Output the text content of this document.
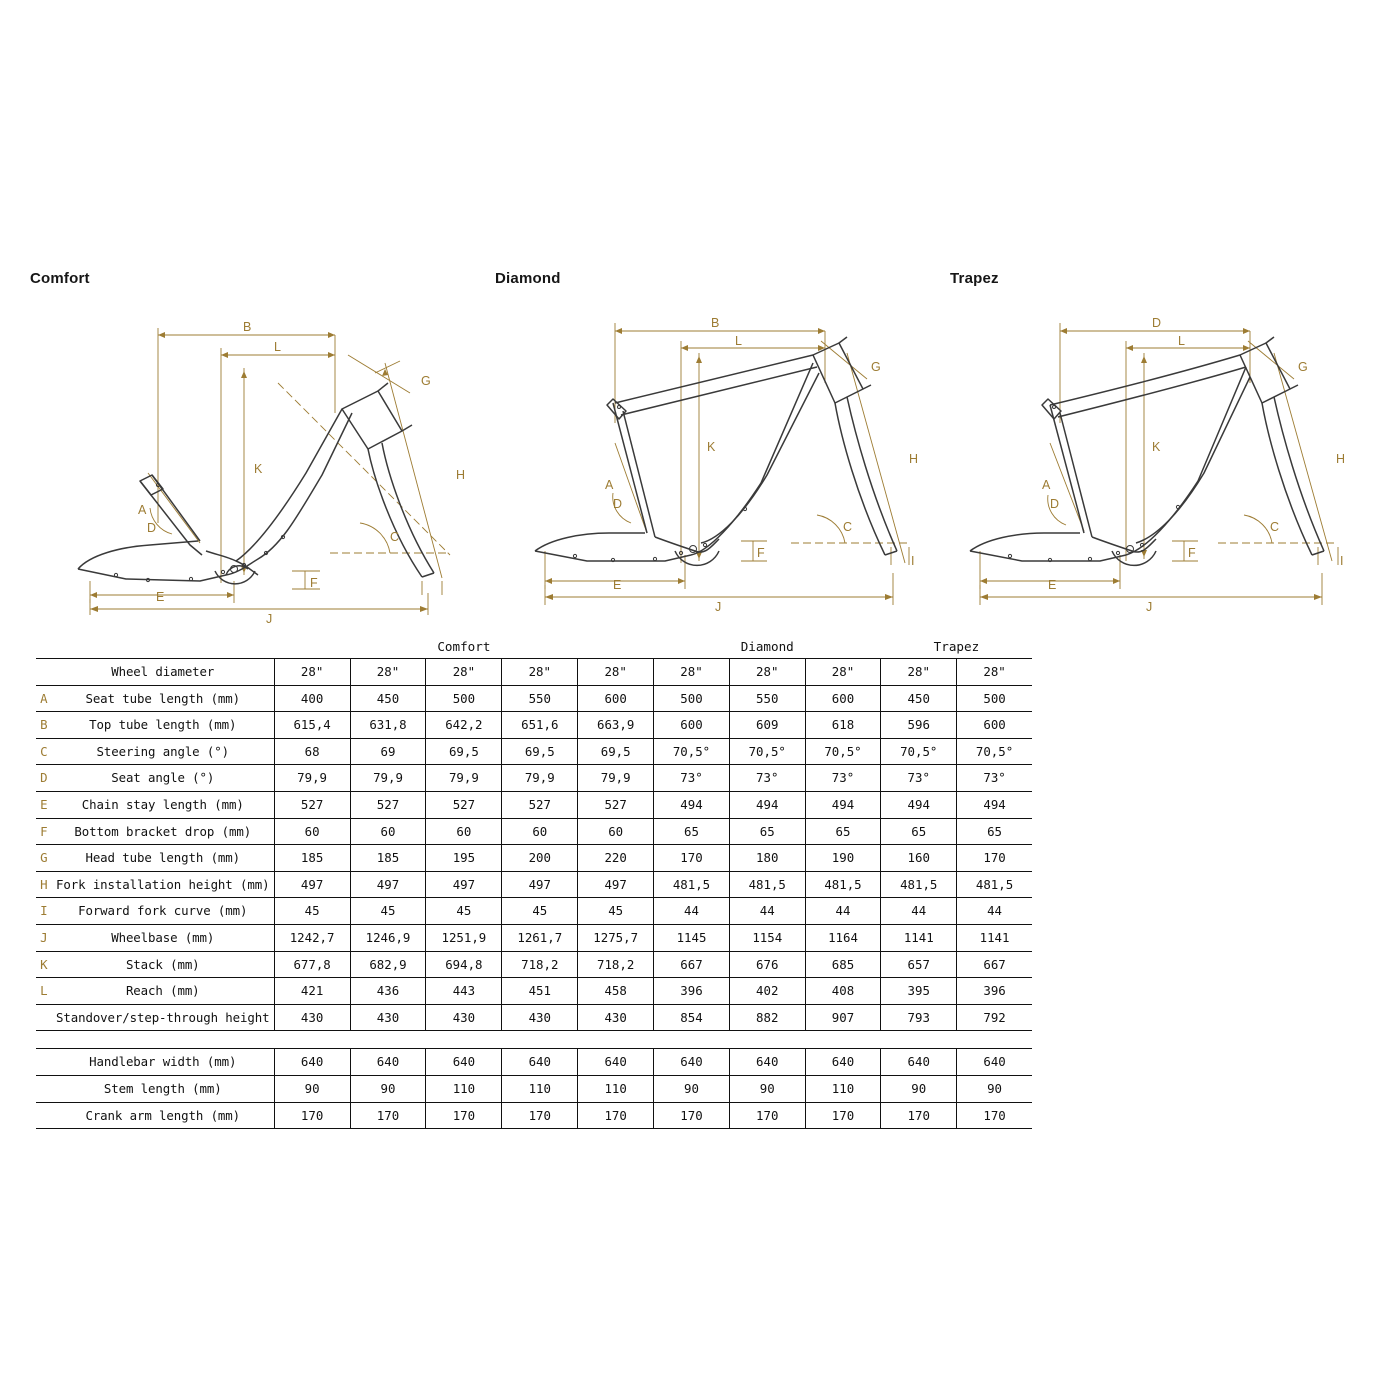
Comfort
B
L
G
K	H
A
D
C
E
F
J
Diamond
B
L
G
K
H
A
D
C
E
F
I
J
Trapez
D
L
G
K
H
A
D
C
E
F
I
J
		Comfort					Diamond			Trapez	
	Wheel diameter	28"	28"	28"	28"	28"	28"	28"	28"	28"	28"
A	Seat tube length (mm)	400	450	500	550	600	500	550	600	450	500
B	Top tube length (mm)	615,4	631,8	642,2	651,6	663,9	600	609	618	596	600
C	Steering angle (°)	68	69	69,5	69,5	69,5	70,5°	70,5°	70,5°	70,5°	70,5°
D	Seat angle (°)	79,9	79,9	79,9	79,9	79,9	73°	73°	73°	73°	73°
E	Chain stay length (mm)	527	527	527	527	527	494	494	494	494	494
F	Bottom bracket drop (mm)	60	60	60	60	60	65	65	65	65	65
G	Head tube length (mm)	185	185	195	200	220	170	180	190	160	170
H	Fork installation height (mm)	497	497	497	497	497	481,5	481,5	481,5	481,5	481,5
I	Forward fork curve (mm)	45	45	45	45	45	44	44	44	44	44
J	Wheelbase (mm)	1242,7	1246,9	1251,9	1261,7	1275,7	1145	1154	1164	1141	1141
K	Stack (mm)	677,8	682,9	694,8	718,2	718,2	667	676	685	657	667
L	Reach (mm)	421	436	443	451	458	396	402	408	395	396
	Standover/step-through height	430	430	430	430	430	854	882	907	793	792

	Handlebar width (mm)	640	640	640	640	640	640	640	640	640	640
	Stem length (mm)	90	90	110	110	110	90	90	110	90	90
	Crank arm length (mm)	170	170	170	170	170	170	170	170	170	170
